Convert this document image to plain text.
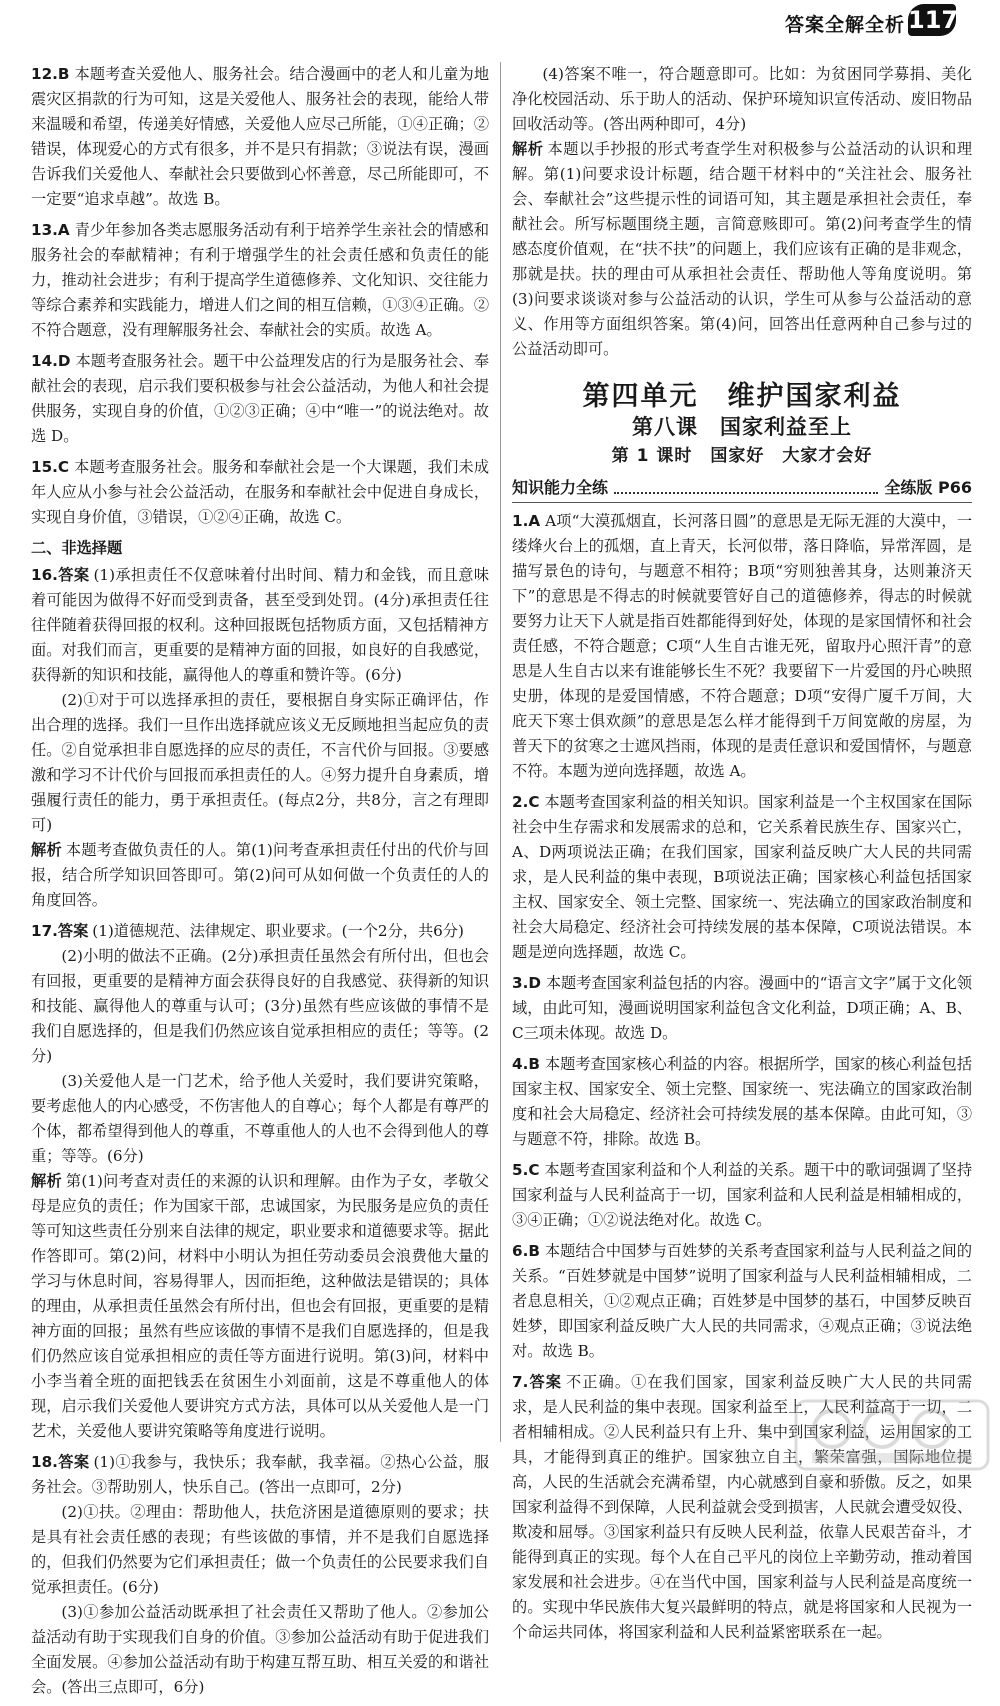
答案全解全析 117
12.B 本题考查关爱他人、服务社会。结合漫画中的老人和儿童为地震灾区捐款的行为可知，这是关爱他人、服务社会的表现，能给人带来温暖和希望，传递美好情感，关爱他人应尽己所能，①④正确；②错误，体现爱心的方式有很多，并不是只有捐款；③说法有误，漫画告诉我们关爱他人、奉献社会只要做到心怀善意，尽己所能即可，不一定要“追求卓越”。故选 B。
13.A 青少年参加各类志愿服务活动有利于培养学生亲社会的情感和服务社会的奉献精神；有利于增强学生的社会责任感和负责任的能力，推动社会进步；有利于提高学生道德修养、文化知识、交往能力等综合素养和实践能力，增进人们之间的相互信赖，①③④正确。②不符合题意，没有理解服务社会、奉献社会的实质。故选 A。
14.D 本题考查服务社会。题干中公益理发店的行为是服务社会、奉献社会的表现，启示我们要积极参与社会公益活动，为他人和社会提供服务，实现自身的价值，①②③正确；④中“唯一”的说法绝对。故选 D。
15.C 本题考查服务社会。服务和奉献社会是一个大课题，我们未成年人应从小参与社会公益活动，在服务和奉献社会中促进自身成长，实现自身价值，③错误，①②④正确，故选 C。
二、非选择题
16.答案 (1)承担责任不仅意味着付出时间、精力和金钱，而且意味着可能因为做得不好而受到责备，甚至受到处罚。(4分)承担责任往往伴随着获得回报的权利。这种回报既包括物质方面，又包括精神方面。对我们而言，更重要的是精神方面的回报，如良好的自我感觉，获得新的知识和技能，赢得他人的尊重和赞许等。(6分)

(2)①对于可以选择承担的责任，要根据自身实际正确评估，作出合理的选择。我们一旦作出选择就应该义无反顾地担当起应负的责任。②自觉承担非自愿选择的应尽的责任，不言代价与回报。③要感激和学习不计代价与回报而承担责任的人。④努力提升自身素质，增强履行责任的能力，勇于承担责任。(每点2分，共8分，言之有理即可)

解析 本题考查做负责任的人。第(1)问考查承担责任付出的代价与回报，结合所学知识回答即可。第(2)问可从如何做一个负责任的人的角度回答。
17.答案 (1)道德规范、法律规定、职业要求。(一个2分，共6分)

(2)小明的做法不正确。(2分)承担责任虽然会有所付出，但也会有回报，更重要的是精神方面会获得良好的自我感觉、获得新的知识和技能、赢得他人的尊重与认可；(3分)虽然有些应该做的事情不是我们自愿选择的，但是我们仍然应该自觉承担相应的责任；等等。(2分)

(3)关爱他人是一门艺术，给予他人关爱时，我们要讲究策略，要考虑他人的内心感受，不伤害他人的自尊心；每个人都是有尊严的个体，都希望得到他人的尊重，不尊重他人的人也不会得到他人的尊重；等等。(6分)

解析 第(1)问考查对责任的来源的认识和理解。由作为子女，孝敬父母是应负的责任；作为国家干部，忠诚国家，为民服务是应负的责任等可知这些责任分别来自法律的规定，职业要求和道德要求等。据此作答即可。第(2)问，材料中小明认为担任劳动委员会浪费他大量的学习与休息时间，容易得罪人，因而拒绝，这种做法是错误的；具体的理由，从承担责任虽然会有所付出，但也会有回报，更重要的是精神方面的回报；虽然有些应该做的事情不是我们自愿选择的，但是我们仍然应该自觉承担相应的责任等方面进行说明。第(3)问，材料中小李当着全班的面把钱丢在贫困生小刘面前，这是不尊重他人的体现，启示我们关爱他人要讲究方式方法，具体可以从关爱他人是一门艺术，关爱他人要讲究策略等角度进行说明。
18.答案 (1)①我参与，我快乐；我奉献，我幸福。②热心公益，服务社会。③帮助别人，快乐自己。(答出一点即可，2分)

(2)①扶。②理由：帮助他人，扶危济困是道德原则的要求；扶是具有社会责任感的表现；有些该做的事情，并不是我们自愿选择的，但我们仍然要为它们承担责任；做一个负责任的公民要求我们自觉承担责任。(6分)

(3)①参加公益活动既承担了社会责任又帮助了他人。②参加公益活动有助于实现我们自身的价值。③参加公益活动有助于促进我们全面发展。④参加公益活动有助于构建互帮互助、相互关爱的和谐社会。(答出三点即可，6分)

(4)答案不唯一，符合题意即可。比如：为贫困同学募捐、美化净化校园活动、乐于助人的活动、保护环境知识宣传活动、废旧物品回收活动等。(答出两种即可，4分)

解析 本题以手抄报的形式考查学生对积极参与公益活动的认识和理解。第(1)问要求设计标题，结合题干材料中的“关注社会、服务社会、奉献社会”这些提示性的词语可知，其主题是承担社会责任，奉献社会。所写标题围绕主题，言简意赅即可。第(2)问考查学生的情感态度价值观，在“扶不扶”的问题上，我们应该有正确的是非观念，那就是扶。扶的理由可从承担社会责任、帮助他人等角度说明。第(3)问要求谈谈对参与公益活动的认识，学生可从参与公益活动的意义、作用等方面组织答案。第(4)问，回答出任意两种自己参与过的公益活动即可。
第四单元　维护国家利益
第八课　国家利益至上
第 1 课时　国家好　大家才会好
知识能力全练	全练版 P66
1.A A项“大漠孤烟直，长河落日圆”的意思是无际无涯的大漠中，一缕烽火台上的孤烟，直上青天，长河似带，落日降临，异常浑圆，是描写景色的诗句，与题意不相符；B项“穷则独善其身，达则兼济天下”的意思是不得志的时候就要管好自己的道德修养，得志的时候就要努力让天下人就是指百姓都能得到好处，体现的是家国情怀和社会责任感，不符合题意；C项“人生自古谁无死，留取丹心照汗青”的意思是人生自古以来有谁能够长生不死？我要留下一片爱国的丹心映照史册，体现的是爱国情感，不符合题意；D项“安得广厦千万间，大庇天下寒士俱欢颜”的意思是怎么样才能得到千万间宽敞的房屋，为普天下的贫寒之士遮风挡雨，体现的是责任意识和爱国情怀，与题意不符。本题为逆向选择题，故选 A。
2.C 本题考查国家利益的相关知识。国家利益是一个主权国家在国际社会中生存需求和发展需求的总和，它关系着民族生存、国家兴亡，A、D两项说法正确；在我们国家，国家利益反映广大人民的共同需求，是人民利益的集中表现，B项说法正确；国家核心利益包括国家主权、国家安全、领土完整、国家统一、宪法确立的国家政治制度和社会大局稳定、经济社会可持续发展的基本保障，C项说法错误。本题是逆向选择题，故选 C。
3.D 本题考查国家利益包括的内容。漫画中的“语言文字”属于文化领域，由此可知，漫画说明国家利益包含文化利益，D项正确；A、B、C三项未体现。故选 D。
4.B 本题考查国家核心利益的内容。根据所学，国家的核心利益包括国家主权、国家安全、领土完整、国家统一、宪法确立的国家政治制度和社会大局稳定、经济社会可持续发展的基本保障。由此可知，③与题意不符，排除。故选 B。
5.C 本题考查国家利益和个人利益的关系。题干中的歌词强调了坚持国家利益与人民利益高于一切，国家利益和人民利益是相辅相成的，③④正确；①②说法绝对化。故选 C。
6.B 本题结合中国梦与百姓梦的关系考查国家利益与人民利益之间的关系。“百姓梦就是中国梦”说明了国家利益与人民利益相辅相成，二者息息相关，①②观点正确；百姓梦是中国梦的基石，中国梦反映百姓梦，即国家利益反映广大人民的共同需求，④观点正确；③说法绝对。故选 B。
7.答案 不正确。①在我们国家，国家利益反映广大人民的共同需求，是人民利益的集中表现。国家利益至上，人民利益高于一切，二者相辅相成。②人民利益只有上升、集中到国家利益，运用国家的工具，才能得到真正的维护。国家独立自主，繁荣富强，国际地位提高，人民的生活就会充满希望，内心就感到自豪和骄傲。反之，如果国家利益得不到保障，人民利益就会受到损害，人民就会遭受奴役、欺凌和屈辱。③国家利益只有反映人民利益，依靠人民艰苦奋斗，才能得到真正的实现。每个人在自己平凡的岗位上辛勤劳动，推动着国家发展和社会进步。④在当代中国，国家利益与人民利益是高度统一的。实现中华民族伟大复兴最鲜明的特点，就是将国家和人民视为一个命运共同体，将国家利益和人民利益紧密联系在一起。
